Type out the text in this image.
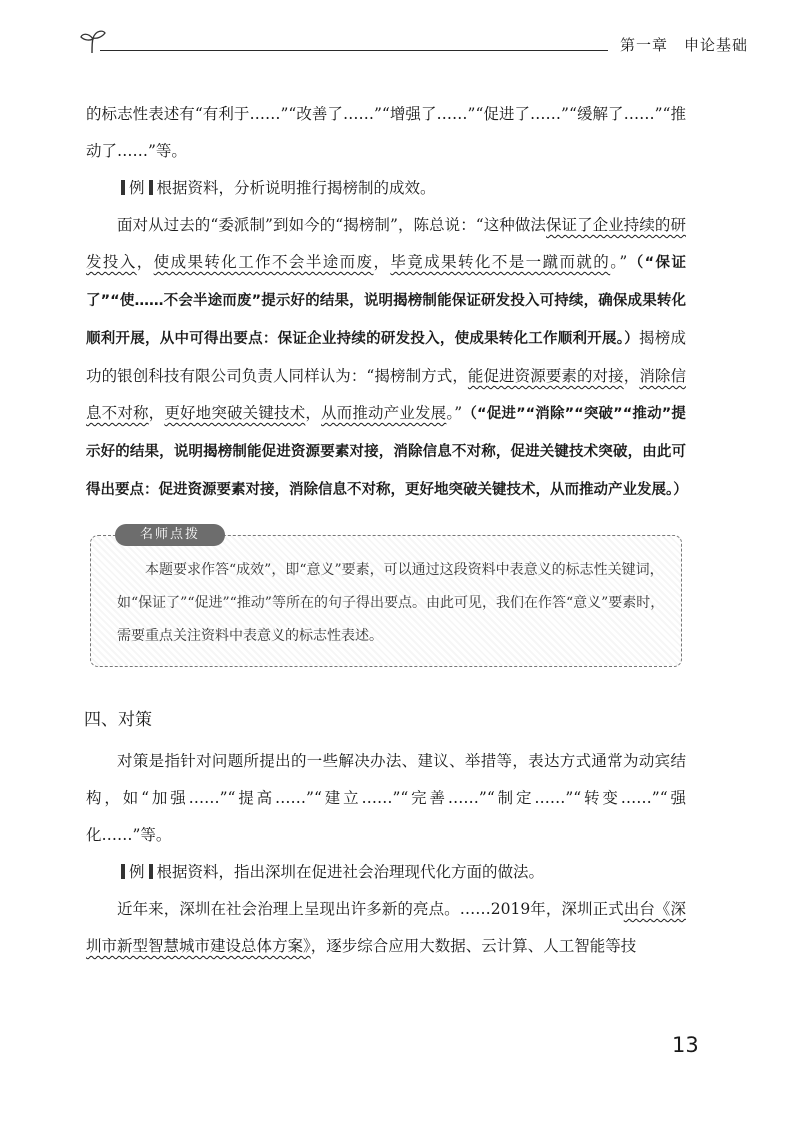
第一章　申论基础

的标志性表述有“有利于……”“改善了……”“增强了……”“促进了……”“缓解了……”“推动了……”等。

例 根据资料，分析说明推行揭榜制的成效。

面对从过去的“委派制”到如今的“揭榜制”，陈总说：“这种做法保证了企业持续的研发投入，使成果转化工作不会半途而废，毕竟成果转化不是一蹴而就的。”（“保证了”“使……不会半途而废”提示好的结果，说明揭榜制能保证研发投入可持续，确保成果转化顺利开展，从中可得出要点：保证企业持续的研发投入，使成果转化工作顺利开展。）揭榜成功的银创科技有限公司负责人同样认为：“揭榜制方式，能促进资源要素的对接，消除信息不对称，更好地突破关键技术，从而推动产业发展。”（“促进”“消除”“突破”“推动”提示好的结果，说明揭榜制能促进资源要素对接，消除信息不对称，促进关键技术突破，由此可得出要点：促进资源要素对接，消除信息不对称，更好地突破关键技术，从而推动产业发展。）

名师点拨
本题要求作答“成效”，即“意义”要素，可以通过这段资料中表意义的标志性关键词，如“保证了”“促进”“推动”等所在的句子得出要点。由此可见，我们在作答“意义”要素时，需要重点关注资料中表意义的标志性表述。
四、对策

对策是指针对问题所提出的一些解决办法、建议、举措等，表达方式通常为动宾结构，如“加强……”“提高……”“建立……”“完善……”“制定……”“转变……”“强化……”等。

例 根据资料，指出深圳在促进社会治理现代化方面的做法。

近年来，深圳在社会治理上呈现出许多新的亮点。……2019年，深圳正式出台《深圳市新型智慧城市建设总体方案》，逐步综合应用大数据、云计算、人工智能等技

13
